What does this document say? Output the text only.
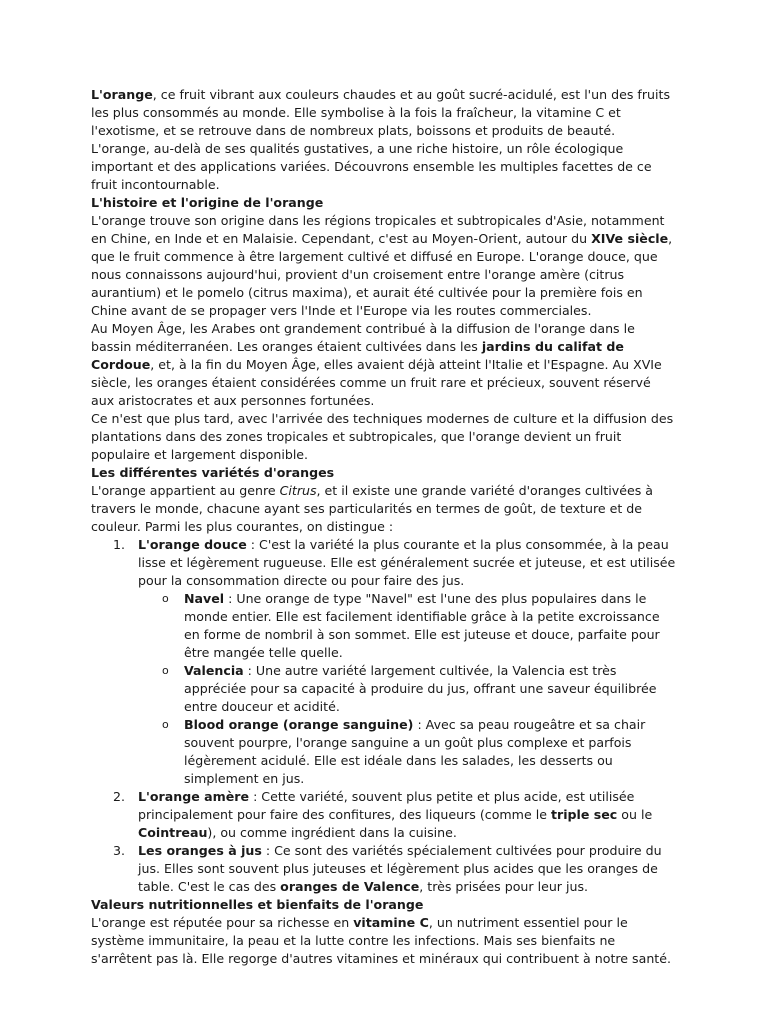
L'orange, ce fruit vibrant aux couleurs chaudes et au goût sucré-acidulé, est l'un des fruits les plus consommés au monde. Elle symbolise à la fois la fraîcheur, la vitamine C et l'exotisme, et se retrouve dans de nombreux plats, boissons et produits de beauté. L'orange, au-delà de ses qualités gustatives, a une riche histoire, un rôle écologique important et des applications variées. Découvrons ensemble les multiples facettes de ce fruit incontournable.

L'histoire et l'origine de l'orange

L'orange trouve son origine dans les régions tropicales et subtropicales d'Asie, notamment en Chine, en Inde et en Malaisie. Cependant, c'est au Moyen-Orient, autour du XIVe siècle, que le fruit commence à être largement cultivé et diffusé en Europe. L'orange douce, que nous connaissons aujourd'hui, provient d'un croisement entre l'orange amère (citrus aurantium) et le pomelo (citrus maxima), et aurait été cultivée pour la première fois en Chine avant de se propager vers l'Inde et l'Europe via les routes commerciales.

Au Moyen Âge, les Arabes ont grandement contribué à la diffusion de l'orange dans le bassin méditerranéen. Les oranges étaient cultivées dans les jardins du califat de Cordoue, et, à la fin du Moyen Âge, elles avaient déjà atteint l'Italie et l'Espagne. Au XVIe siècle, les oranges étaient considérées comme un fruit rare et précieux, souvent réservé aux aristocrates et aux personnes fortunées.

Ce n'est que plus tard, avec l'arrivée des techniques modernes de culture et la diffusion des plantations dans des zones tropicales et subtropicales, que l'orange devient un fruit populaire et largement disponible.

Les différentes variétés d'oranges

L'orange appartient au genre Citrus, et il existe une grande variété d'oranges cultivées à travers le monde, chacune ayant ses particularités en termes de goût, de texture et de couleur. Parmi les plus courantes, on distingue :

1. L'orange douce : C'est la variété la plus courante et la plus consommée, à la peau lisse et légèrement rugueuse. Elle est généralement sucrée et juteuse, et est utilisée pour la consommation directe ou pour faire des jus.
o Navel : Une orange de type "Navel" est l'une des plus populaires dans le monde entier. Elle est facilement identifiable grâce à la petite excroissance en forme de nombril à son sommet. Elle est juteuse et douce, parfaite pour être mangée telle quelle.
o Valencia : Une autre variété largement cultivée, la Valencia est très appréciée pour sa capacité à produire du jus, offrant une saveur équilibrée entre douceur et acidité.
o Blood orange (orange sanguine) : Avec sa peau rougeâtre et sa chair souvent pourpre, l'orange sanguine a un goût plus complexe et parfois légèrement acidulé. Elle est idéale dans les salades, les desserts ou simplement en jus.
2. L'orange amère : Cette variété, souvent plus petite et plus acide, est utilisée principalement pour faire des confitures, des liqueurs (comme le triple sec ou le Cointreau), ou comme ingrédient dans la cuisine.
3. Les oranges à jus : Ce sont des variétés spécialement cultivées pour produire du jus. Elles sont souvent plus juteuses et légèrement plus acides que les oranges de table. C'est le cas des oranges de Valence, très prisées pour leur jus.
Valeurs nutritionnelles et bienfaits de l'orange

L'orange est réputée pour sa richesse en vitamine C, un nutriment essentiel pour le système immunitaire, la peau et la lutte contre les infections. Mais ses bienfaits ne s'arrêtent pas là. Elle regorge d'autres vitamines et minéraux qui contribuent à notre santé.
